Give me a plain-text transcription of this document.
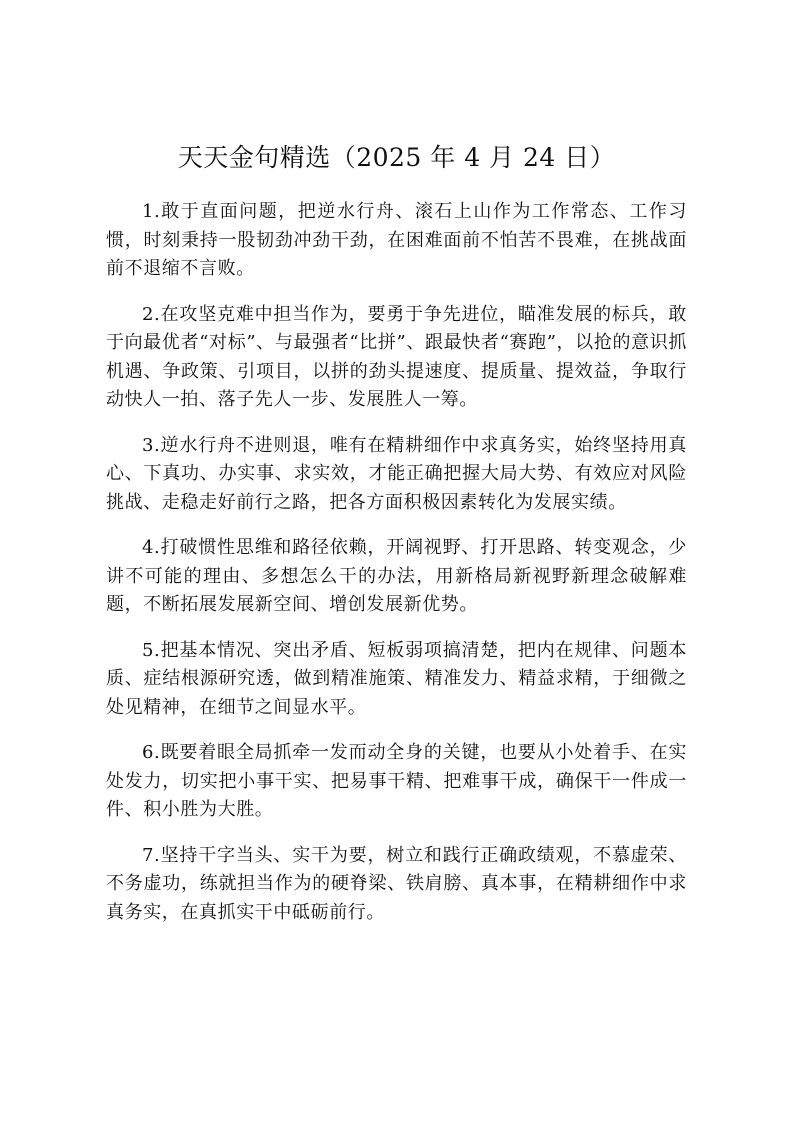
天天金句精选（2025 年 4 月 24 日）

1.敢于直面问题，把逆水行舟、滚石上山作为工作常态、工作习惯，时刻秉持一股韧劲冲劲干劲，在困难面前不怕苦不畏难，在挑战面前不退缩不言败。

2.在攻坚克难中担当作为，要勇于争先进位，瞄准发展的标兵，敢于向最优者“对标”、与最强者“比拼”、跟最快者“赛跑”，以抢的意识抓机遇、争政策、引项目，以拼的劲头提速度、提质量、提效益，争取行动快人一拍、落子先人一步、发展胜人一筹。

3.逆水行舟不进则退，唯有在精耕细作中求真务实，始终坚持用真心、下真功、办实事、求实效，才能正确把握大局大势、有效应对风险挑战、走稳走好前行之路，把各方面积极因素转化为发展实绩。

4.打破惯性思维和路径依赖，开阔视野、打开思路、转变观念，少讲不可能的理由、多想怎么干的办法，用新格局新视野新理念破解难题，不断拓展发展新空间、增创发展新优势。

5.把基本情况、突出矛盾、短板弱项搞清楚，把内在规律、问题本质、症结根源研究透，做到精准施策、精准发力、精益求精，于细微之处见精神，在细节之间显水平。

6.既要着眼全局抓牵一发而动全身的关键，也要从小处着手、在实处发力，切实把小事干实、把易事干精、把难事干成，确保干一件成一件、积小胜为大胜。

7.坚持干字当头、实干为要，树立和践行正确政绩观，不慕虚荣、不务虚功，练就担当作为的硬脊梁、铁肩膀、真本事，在精耕细作中求真务实，在真抓实干中砥砺前行。
